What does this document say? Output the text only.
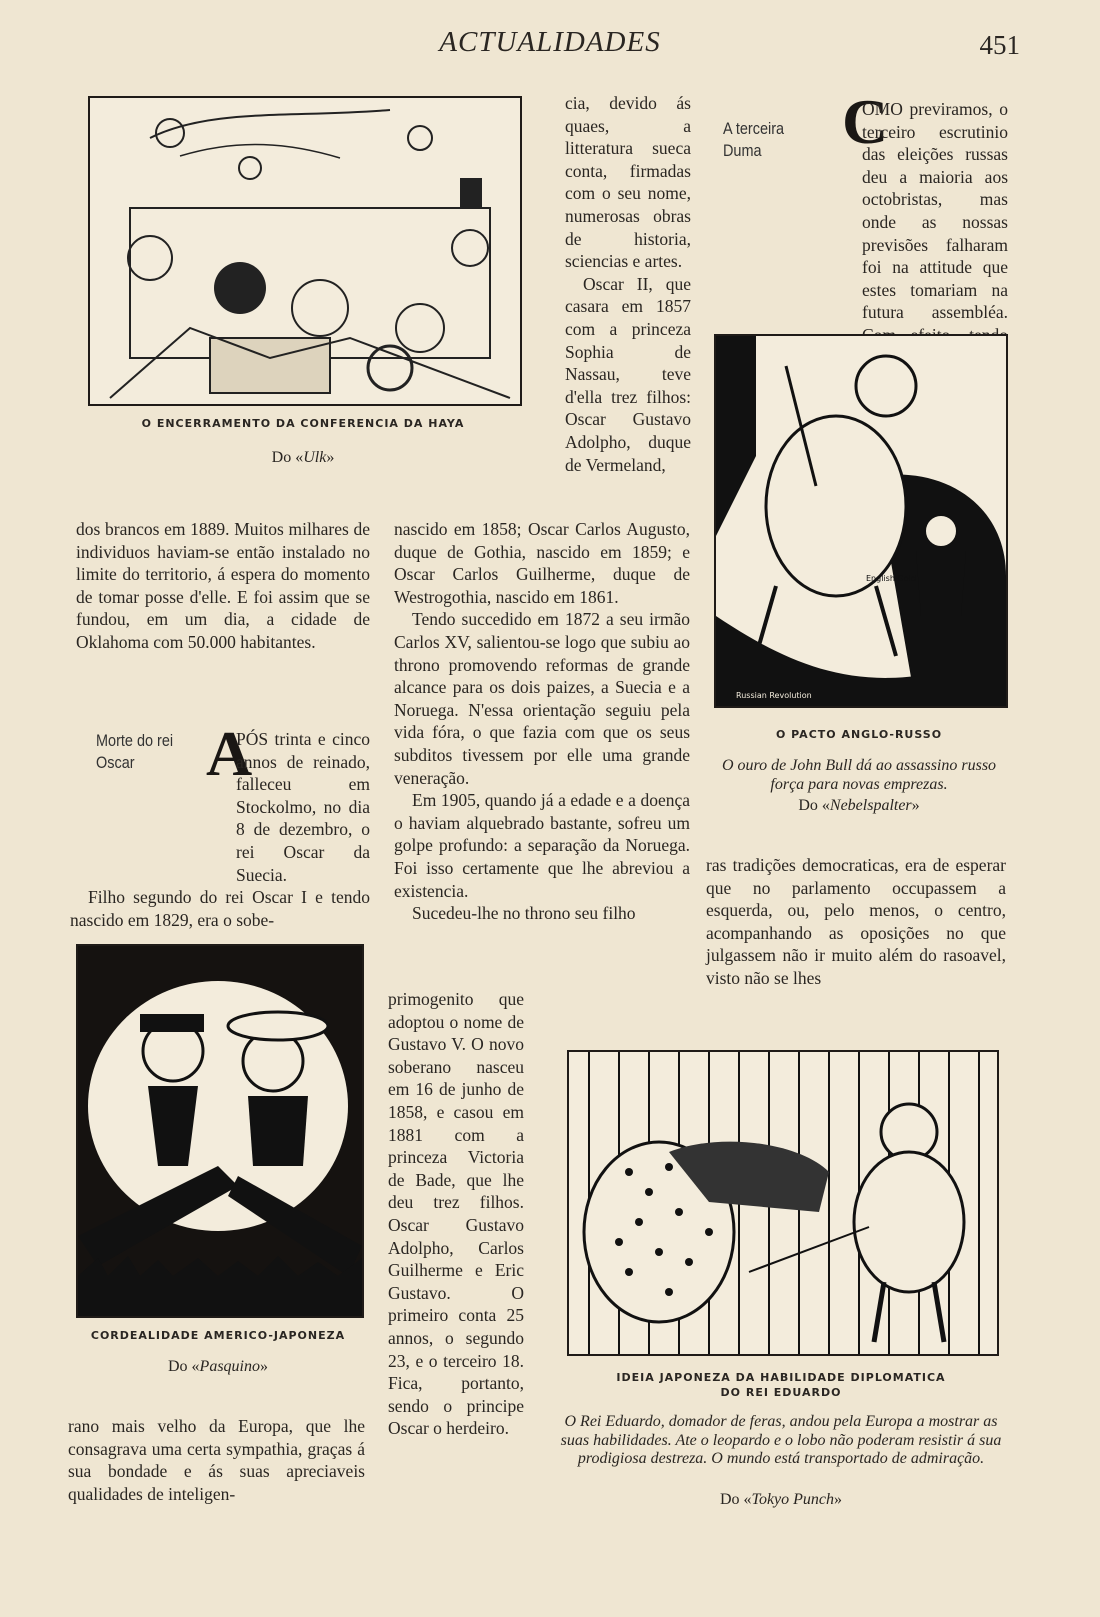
ACTUALIDADES	451
O ENCERRAMENTO DA CONFERENCIA DA HAYA
Do «Ulk»

dos brancos em 1889. Muitos milhares de individuos haviam-se então instalado no limite do territorio, á espera do momento de tomar posse d'elle. E foi assim que se fundou, em um dia, a cidade de Oklahoma com 50.000 habitantes.

Morte do rei Oscar	A

PÓS trinta e cinco annos de reinado, falleceu em Stockolmo, no dia 8 de dezembro, o rei Oscar da Suecia.

Filho segundo do rei Oscar I e tendo nascido em 1829, era o sobe-

CORDEALIDADE AMERICO-JAPONEZA
Do «Pasquino»

rano mais velho da Europa, que lhe consagrava uma certa sympathia, graças á sua bondade e ás suas apreciaveis qualidades de inteligen-

cia, devido ás quaes, a litteratura sueca conta, firmadas com o seu nome, numerosas obras de historia, sciencias e artes.

Oscar II, que casara em 1857 com a princeza Sophia de Nassau, teve d'ella trez filhos: Oscar Gustavo Adolpho, duque de Vermeland,

nascido em 1858; Oscar Carlos Augusto, duque de Gothia, nascido em 1859; e Oscar Carlos Guilherme, duque de Westrogothia, nascido em 1861.

Tendo succedido em 1872 a seu irmão Carlos XV, salientou-se logo que subiu ao throno promovendo reformas de grande alcance para os dois paizes, a Suecia e a Noruega. N'essa orientação seguiu pela vida fóra, o que fazia com que os seus subditos tivessem por elle uma grande veneração.

Em 1905, quando já a edade e a doença o haviam alquebrado bastante, sofreu um golpe profundo: a separação da Noruega. Foi isso certamente que lhe abreviou a existencia.

Sucedeu-lhe no throno seu filho

primogenito que adoptou o nome de Gustavo V. O novo soberano nasceu em 16 de junho de 1858, e casou em 1881 com a princeza Victoria de Bade, que lhe deu trez filhos. Oscar Gustavo Adolpho, Carlos Guilherme e Eric Gustavo. O primeiro conta 25 annos, o segundo 23, e o terceiro 18. Fica, portanto, sendo o principe Oscar o herdeiro.

A terceira Duma	C

OMO previramos, o terceiro escrutinio das eleições russas deu a maioria aos octobristas, mas onde as nossas previsões falharam foi na attitude que estes tomariam na futura assembléa.

Russian Revolution
English Gold
O PACTO ANGLO-RUSSO
O ouro de John Bull dá ao assassino russo força para novas emprezas.
Do «Nebelspalter»

ras tradições democraticas, era de esperar que no parlamento occupassem a esquerda, ou, pelo menos, o centro, acompanhando as oposições no que julgassem não ir muito além do rasoavel, visto não se lhes

IDEIA JAPONEZA DA HABILIDADE DIPLOMATICA
DO REI EDUARDO
O Rei Eduardo, domador de feras, andou pela Europa a mostrar as suas habilidades. Ate o leopardo e o lobo não poderam resistir á sua prodigiosa destreza. O mundo está transportado de admiração.
Do «Tokyo Punch»
